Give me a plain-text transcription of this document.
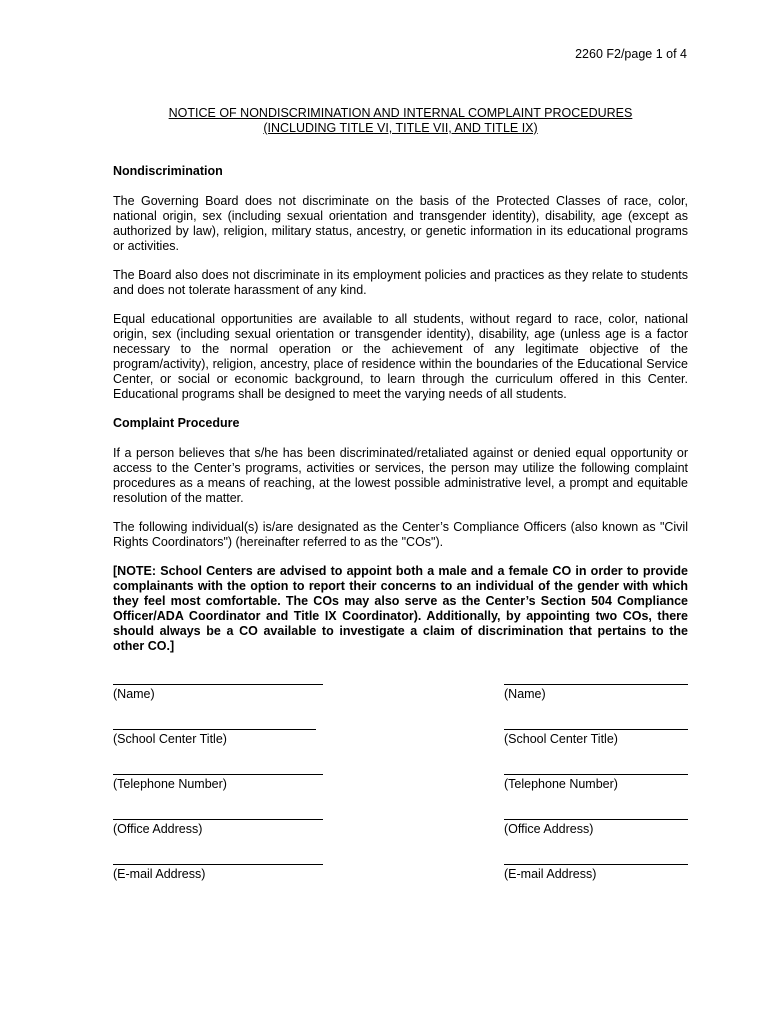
2260 F2/page 1 of 4
NOTICE OF NONDISCRIMINATION AND INTERNAL COMPLAINT PROCEDURES
(INCLUDING TITLE VI, TITLE VII, AND TITLE IX)

Nondiscrimination

The Governing Board does not discriminate on the basis of the Protected Classes of race, color, national origin, sex (including sexual orientation and transgender identity), disability, age (except as authorized by law), religion, military status, ancestry, or genetic information in its educational programs or activities.

The Board also does not discriminate in its employment policies and practices as they relate to students and does not tolerate harassment of any kind.

Equal educational opportunities are available to all students, without regard to race, color, national origin, sex (including sexual orientation or transgender identity), disability, age (unless age is a factor necessary to the normal operation or the achievement of any legitimate objective of the program/activity), religion, ancestry, place of residence within the boundaries of the Educational Service Center, or social or economic background, to learn through the curriculum offered in this Center. Educational programs shall be designed to meet the varying needs of all students.

Complaint Procedure

If a person believes that s/he has been discriminated/retaliated against or denied equal opportunity or access to the Center’s programs, activities or services, the person may utilize the following complaint procedures as a means of reaching, at the lowest possible administrative level, a prompt and equitable resolution of the matter.

The following individual(s) is/are designated as the Center’s Compliance Officers (also known as "Civil Rights Coordinators") (hereinafter referred to as the "COs").

[NOTE: School Centers are advised to appoint both a male and a female CO in order to provide complainants with the option to report their concerns to an individual of the gender with which they feel most comfortable. The COs may also serve as the Center’s Section 504 Compliance Officer/ADA Coordinator and Title IX Coordinator). Additionally, by appointing two COs, there should always be a CO available to investigate a claim of discrimination that pertains to the other CO.]

(Name)	(Name)
(School Center Title)	(School Center Title)
(Telephone Number)	(Telephone Number)
(Office Address)	(Office Address)
(E-mail Address)	(E-mail Address)
